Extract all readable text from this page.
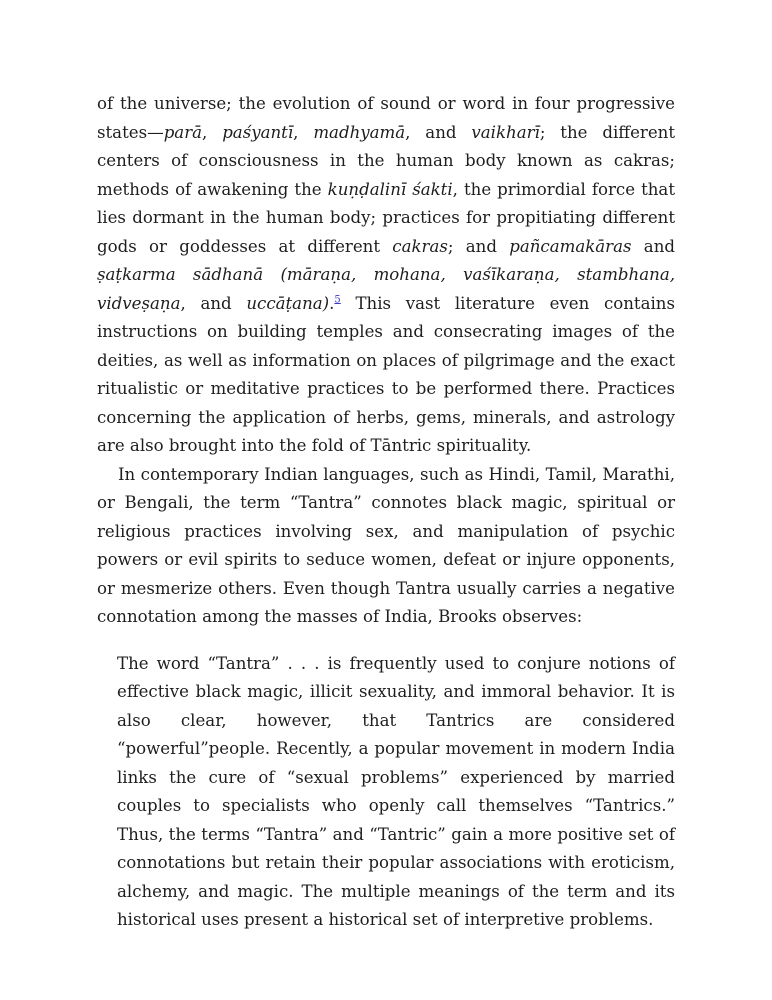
of the universe; the evolution of sound or word in four progressive states—parā, paśyantī, madhyamā, and vaikharī; the different centers of consciousness in the human body known as cakras; methods of awakening the kuṇḍalinī śakti, the primordial force that lies dormant in the human body; practices for propitiating different gods or goddesses at different cakras; and pañcamakāras and ṣaṭkarma sādhanā (māraṇa, mohana, vaśīkaraṇa, stambhana, vidveṣaṇa, and uccāṭana).$^5$ This vast literature even contains instructions on building temples and consecrating images of the deities, as well as information on places of pilgrimage and the exact ritualistic or meditative practices to be performed there. Practices concerning the application of herbs, gems, minerals, and astrology are also brought into the fold of Tāntric spirituality.

In contemporary Indian languages, such as Hindi, Tamil, Marathi, or Bengali, the term “Tantra” connotes black magic, spiritual or religious practices involving sex, and manipulation of psychic powers or evil spirits to seduce women, defeat or injure opponents, or mesmerize others. Even though Tantra usually carries a negative connotation among the masses of India, Brooks observes:

The word “Tantra” . . . is frequently used to conjure notions of effective black magic, illicit sexuality, and immoral behavior. It is also clear, however, that Tantrics are considered “powerful”people. Recently, a popular movement in modern India links the cure of “sexual problems” experienced by married couples to specialists who openly call themselves “Tantrics.” Thus, the terms “Tantra” and “Tantric” gain a more positive set of connotations but retain their popular associations with eroticism, alchemy, and magic. The multiple meanings of the term and its historical uses present a historical set of interpretive problems.
